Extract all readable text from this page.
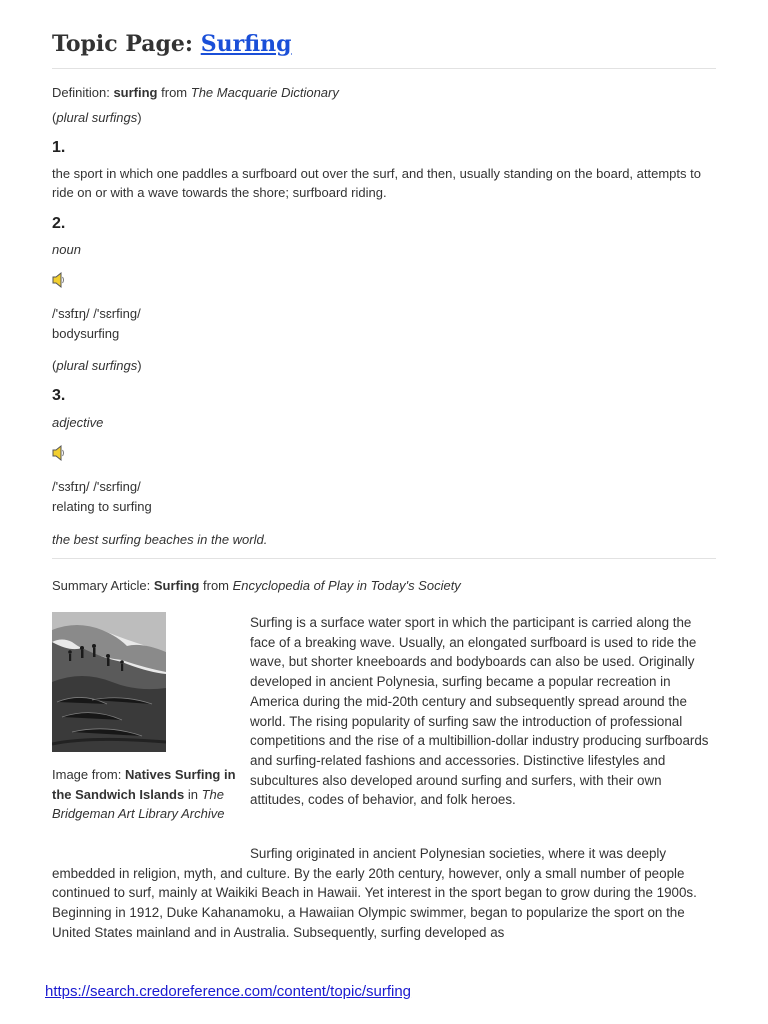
Topic Page: Surfing
Definition: surfing from The Macquarie Dictionary
(plural surfings)
1.
the sport in which one paddles a surfboard out over the surf, and then, usually standing on the board, attempts to ride on or with a wave towards the shore; surfboard riding.
2.
noun
/'sɜfɪŋ/ /'sɛrfing/
bodysurfing
(plural surfings)
3.
adjective
/'sɜfɪŋ/ /'sɛrfing/
relating to surfing
the best surfing beaches in the world.
Summary Article: Surfing from Encyclopedia of Play in Today's Society
Image from: Natives Surfing in the Sandwich Islands in The Bridgeman Art Library Archive

Surfing is a surface water sport in which the participant is carried along the face of a breaking wave. Usually, an elongated surfboard is used to ride the wave, but shorter kneeboards and bodyboards can also be used. Originally developed in ancient Polynesia, surfing became a popular recreation in America during the mid-20th century and subsequently spread around the world. The rising popularity of surfing saw the introduction of professional competitions and the rise of a multibillion-dollar industry producing surfboards and surfing-related fashions and accessories. Distinctive lifestyles and subcultures also developed around surfing and surfers, with their own attitudes, codes of behavior, and folk heroes.

Surfing originated in ancient Polynesian societies, where it was deeply embedded in religion, myth, and culture. By the early 20th century, however, only a small number of people continued to surf, mainly at Waikiki Beach in Hawaii. Yet interest in the sport began to grow during the 1900s. Beginning in 1912, Duke Kahanamoku, a Hawaiian Olympic swimmer, began to popularize the sport on the United States mainland and in Australia. Subsequently, surfing developed as

https://search.credoreference.com/content/topic/surfing
